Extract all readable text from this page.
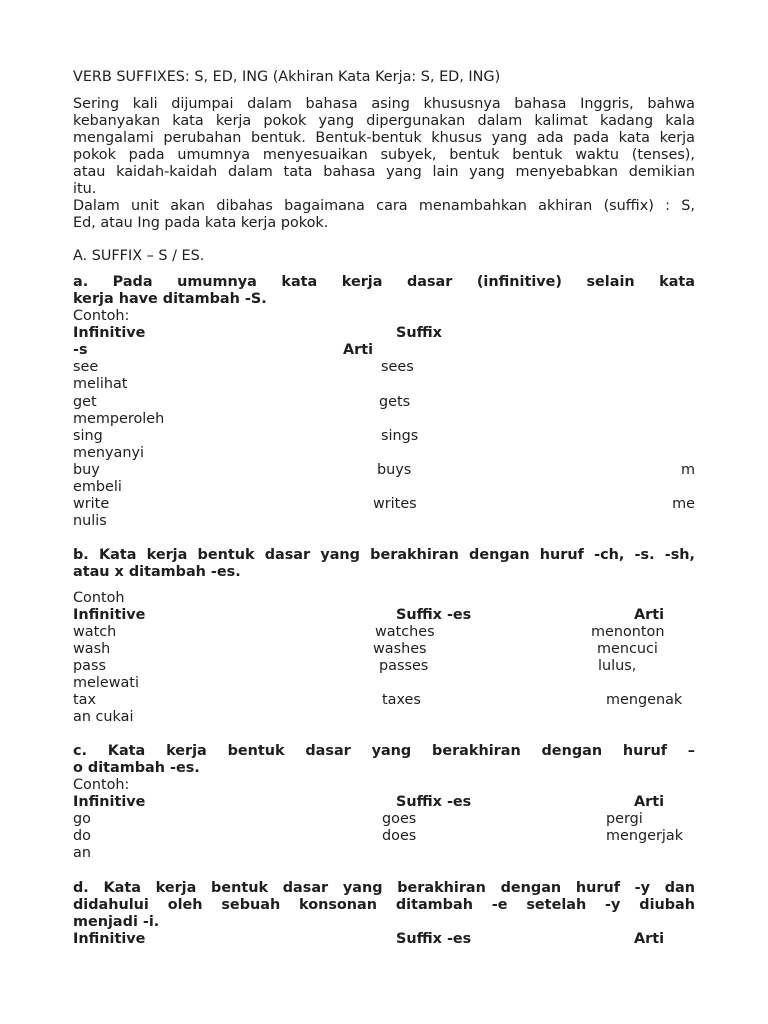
VERB SUFFIXES: S, ED, ING (Akhiran Kata Kerja: S, ED, ING)
Sering kali dijumpai dalam bahasa asing khususnya bahasa Inggris, bahwa
kebanyakan kata kerja pokok yang dipergunakan dalam kalimat kadang kala
mengalami perubahan bentuk. Bentuk-bentuk khusus yang ada pada kata kerja
pokok pada umumnya menyesuaikan subyek, bentuk bentuk waktu (tenses),
atau kaidah-kaidah dalam tata bahasa yang lain yang menyebabkan demikian
itu.
Dalam unit akan dibahas bagaimana cara menambahkan akhiran (suffix) : S,
Ed, atau Ing pada kata kerja pokok.
A. SUFFIX – S / ES.
a. Pada umumnya kata kerja dasar (infinitive) selain kata
kerja have ditambah -S.
Contoh:
Infinitive	Suffix
-s	Arti
see	sees
melihat
get	gets
memperoleh
sing	sings
menyanyi
buy	buys	m
embeli
write	writes	me
nulis
b. Kata kerja bentuk dasar yang berakhiran dengan huruf -ch, -s. -sh,
atau x ditambah -es.
Contoh
Infinitive	Suffix -es	Arti
watch	watches	menonton
wash	washes	mencuci
pass	passes	lulus,
melewati
tax	taxes	mengenak
an cukai
c. Kata kerja bentuk dasar yang berakhiran dengan huruf –
o ditambah -es.
Contoh:
Infinitive	Suffix -es	Arti
go	goes	pergi
do	does	mengerjak
an
d. Kata kerja bentuk dasar yang berakhiran dengan huruf -y dan
didahului oleh sebuah konsonan ditambah -e setelah -y diubah
menjadi -i.
Infinitive	Suffix -es	Arti
